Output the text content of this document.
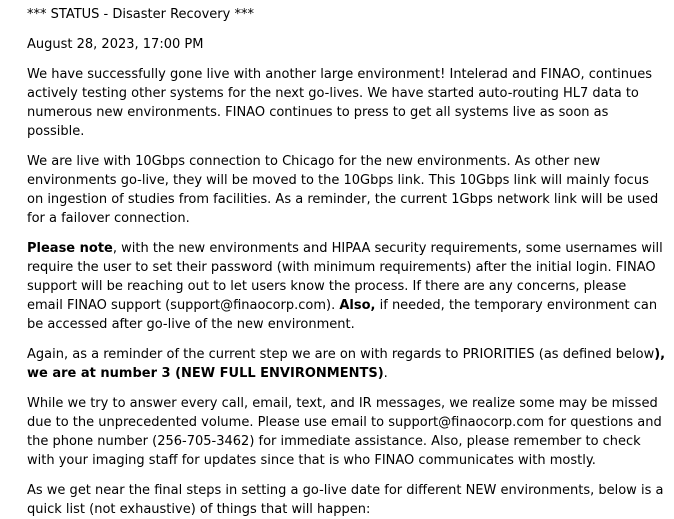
*** STATUS - Disaster Recovery ***
August 28, 2023, 17:00 PM

We have successfully gone live with another large environment! Intelerad and FINAO, continues actively testing other systems for the next go-lives. We have started auto-routing HL7 data to numerous new environments. FINAO continues to press to get all systems live as soon as possible.

We are live with 10Gbps connection to Chicago for the new environments. As other new environments go-live, they will be moved to the 10Gbps link. This 10Gbps link will mainly focus on ingestion of studies from facilities. As a reminder, the current 1Gbps network link will be used for a failover connection.

Please note, with the new environments and HIPAA security requirements, some usernames will require the user to set their password (with minimum requirements) after the initial login. FINAO support will be reaching out to let users know the process. If there are any concerns, please email FINAO support (support@finaocorp.com). Also, if needed, the temporary environment can be accessed after go-live of the new environment.

Again, as a reminder of the current step we are on with regards to PRIORITIES (as defined below), we are at number 3 (NEW FULL ENVIRONMENTS).

While we try to answer every call, email, text, and IR messages, we realize some may be missed due to the unprecedented volume. Please use email to support@finaocorp.com for questions and the phone number (256-705-3462) for immediate assistance. Also, please remember to check with your imaging staff for updates since that is who FINAO communicates with mostly.

As we get near the final steps in setting a go-live date for different NEW environments, below is a quick list (not exhaustive) of things that will happen:
